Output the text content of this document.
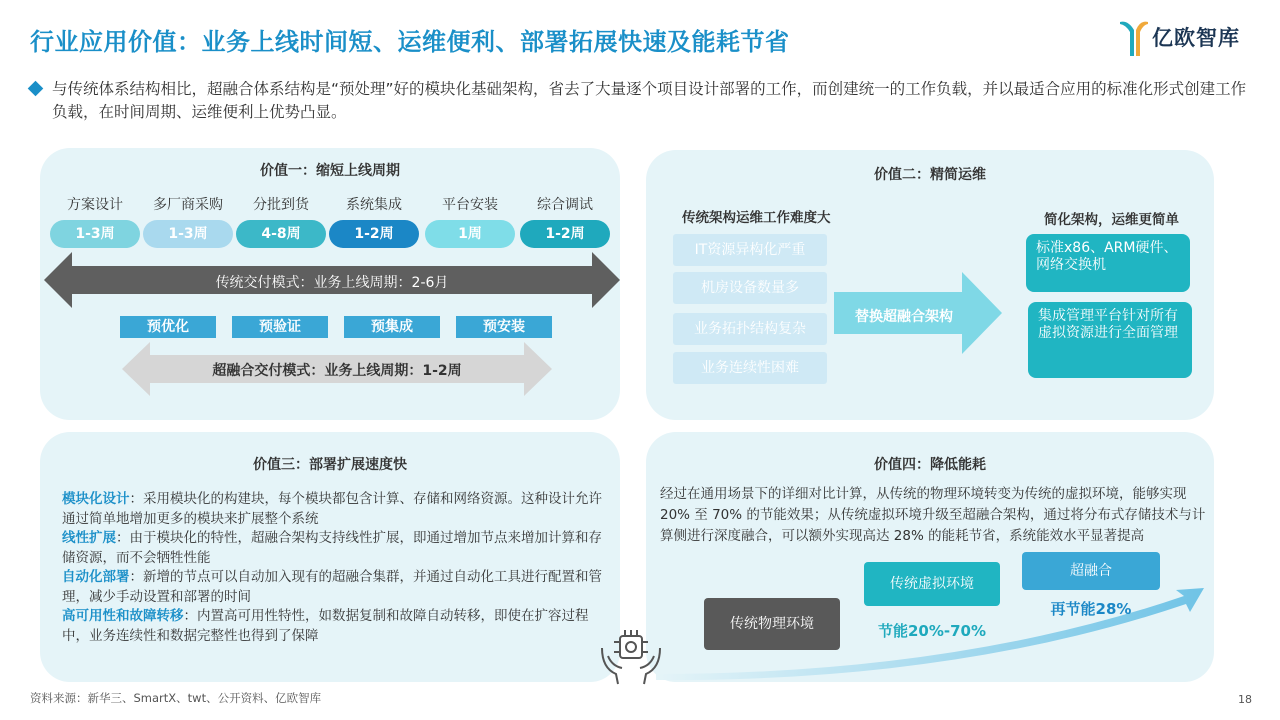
行业应用价值：业务上线时间短、运维便利、部署拓展快速及能耗节省	亿欧智库
与传统体系结构相比，超融合体系结构是“预处理”好的模块化基础架构，省去了大量逐个项目设计部署的工作，而创建统一的工作负载，并以最适合应用的标准化形式创建工作负载，在时间周期、运维便利上优势凸显。
价值一：缩短上线周期
方案设计
1-3周
多厂商采购
1-3周
分批到货
4-8周
系统集成
1-2周
平台安装
1周
综合调试
1-2周
传统交付模式：业务上线周期：2-6月
预优化	预验证	预集成	预安装
超融合交付模式：业务上线周期：1-2周
价值二：精简运维
传统架构运维工作难度大
IT资源异构化严重
机房设备数量多
业务拓扑结构复杂
业务连续性困难
替换超融合架构
简化架构，运维更简单
标准x86、ARM硬件、网络交换机
集成管理平台针对所有虚拟资源进行全面管理
价值三：部署扩展速度快
模块化设计：采用模块化的构建块，每个模块都包含计算、存储和网络资源。这种设计允许通过简单地增加更多的模块来扩展整个系统
线性扩展：由于模块化的特性，超融合架构支持线性扩展，即通过增加节点来增加计算和存储资源，而不会牺牲性能
自动化部署：新增的节点可以自动加入现有的超融合集群，并通过自动化工具进行配置和管理，减少手动设置和部署的时间
高可用性和故障转移：内置高可用性特性，如数据复制和故障自动转移，即使在扩容过程中，业务连续性和数据完整性也得到了保障
价值四：降低能耗
经过在通用场景下的详细对比计算，从传统的物理环境转变为传统的虚拟环境，能够实现20% 至 70% 的节能效果；从传统虚拟环境升级至超融合架构，通过将分布式存储技术与计算侧进行深度融合，可以额外实现高达 28% 的能耗节省，系统能效水平显著提高
传统物理环境
传统虚拟环境
节能20%-70%
超融合
再节能28%
资料来源：新华三、SmartX、twt、公开资料、亿欧智库	18
